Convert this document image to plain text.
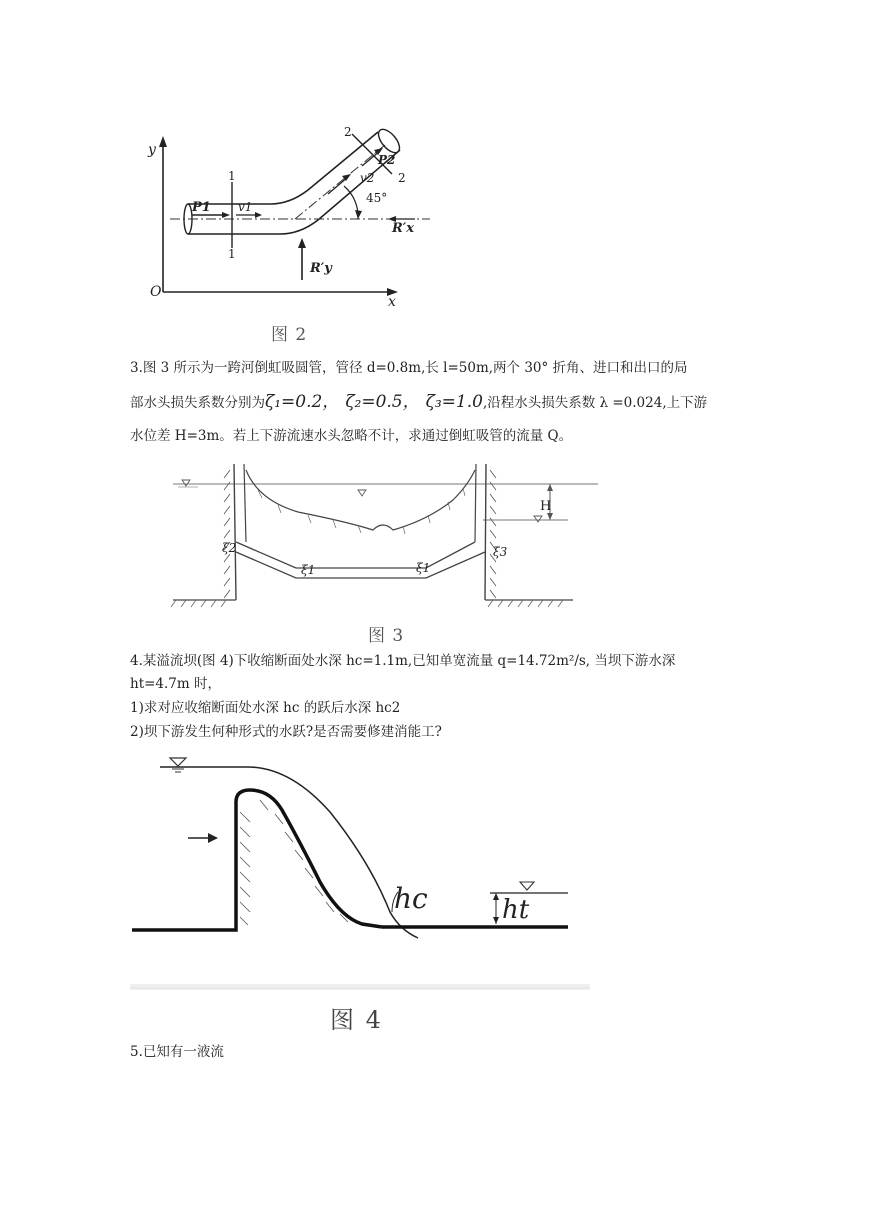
y
x
O
1
1
2
2
P1 v1
P2
v2
45°
R′x
R′y
图 2
3.图 3 所示为一跨河倒虹吸圆管，管径 d=0.8m,长 l=50m,两个 30° 折角、进口和出口的局
部水头损失系数分别为ζ₁=0.2， ζ₂=0.5， ζ₃=1.0,沿程水头损失系数 λ =0.024,上下游
水位差 H=3m。若上下游流速水头忽略不计，求通过倒虹吸管的流量 Q。
H
ξ2
ξ1	ξ1
ξ3
图 3
4.某溢流坝(图 4)下收缩断面处水深 hc=1.1m,已知单宽流量 q=14.72m²/s, 当坝下游水深
ht=4.7m 时，
1)求对应收缩断面处水深 hc 的跃后水深 hc2
2)坝下游发生何种形式的水跃?是否需要修建消能工?
hc	ht
图 4
5.已知有一液流
